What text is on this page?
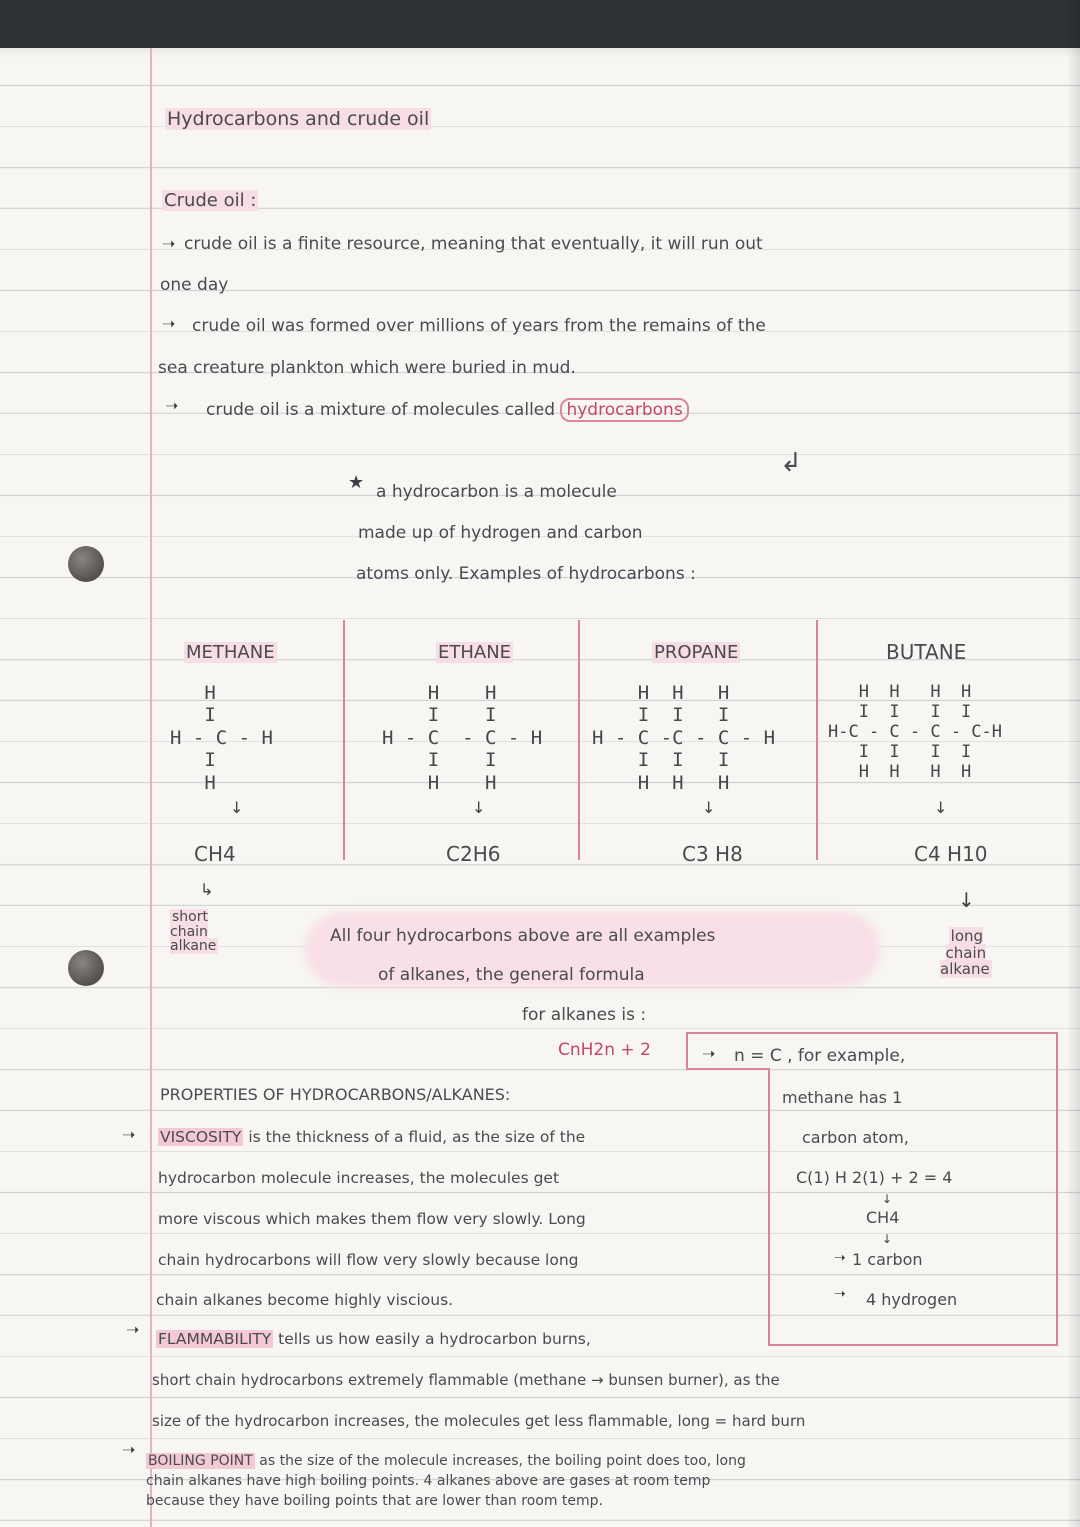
Hydrocarbons and crude oil
Crude oil :
➝ crude oil is a finite resource, meaning that eventually, it will run out
one day
➝ crude oil was formed over millions of years from the remains of the
sea creature plankton which were buried in mud.
➝ crude oil is a mixture of molecules called hydrocarbons
↲
★ a hydrocarbon is a molecule
made up of hydrogen and carbon
atoms only. Examples of hydrocarbons :
METHANE
H
I
H - C - H
I
H
↓
CH4
↳
short
chain
alkane
ETHANE
H    H
I    I
H - C  - C - H
I    I
H    H
↓
C2H6
PROPANE
H  H   H
I  I   I
H - C -C - C - H
I  I   I
H  H   H
↓
C3 H8
BUTANE
H  H   H  H
I  I   I  I
H-C - C - C - C-H
I  I   I  I
H  H   H  H
↓
C4 H10
↓
long
chain
alkane
All four hydrocarbons above are all examples
of alkanes, the general formula
for alkanes is :
CnH2n + 2	➝ n = C , for example,
methane has 1
carbon atom,
C(1) H 2(1) + 2 = 4
↓
CH4
↓
➝ 1 carbon
➝ 4 hydrogen
PROPERTIES OF HYDROCARBONS/ALKANES:
➝ VISCOSITY is the thickness of a fluid, as the size of the
hydrocarbon molecule increases, the molecules get
more viscous which makes them flow very slowly. Long
chain hydrocarbons will flow very slowly because long
chain alkanes become highly viscious.
➝ FLAMMABILITY tells us how easily a hydrocarbon burns,
short chain hydrocarbons extremely flammable (methane → bunsen burner), as the
size of the hydrocarbon increases, the molecules get less flammable, long = hard burn
➝
BOILING POINT as the size of the molecule increases, the boiling point does too, long
chain alkanes have high boiling points. 4 alkanes above are gases at room temp
because they have boiling points that are lower than room temp.
